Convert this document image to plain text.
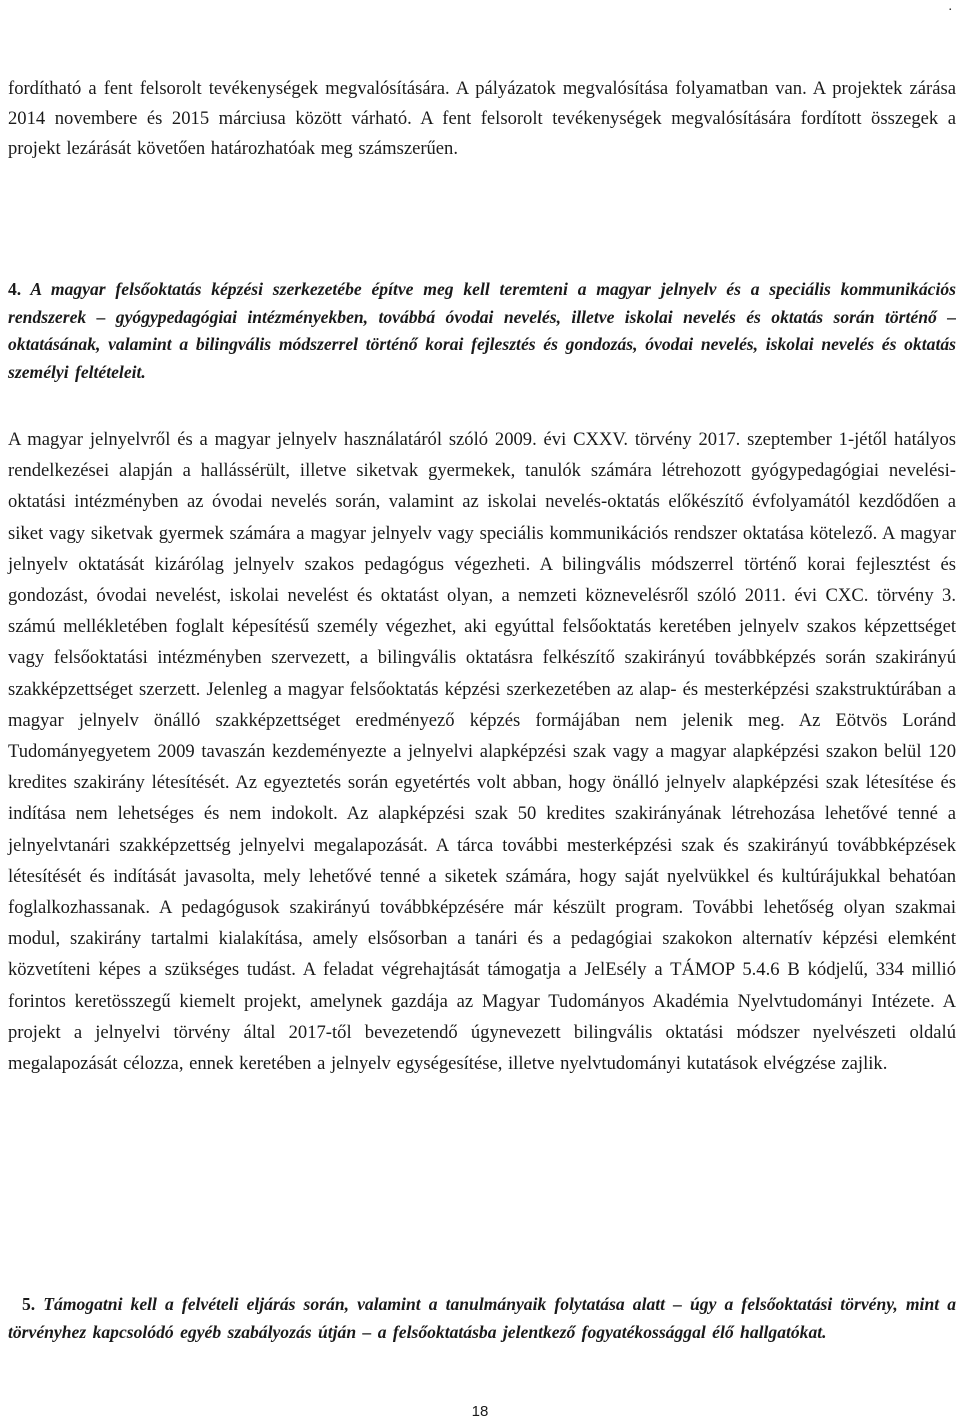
.

fordítható a fent felsorolt tevékenységek megvalósítására. A pályázatok megvalósítása folyamatban van. A projektek zárása 2014 novembere és 2015 márciusa között várható. A fent felsorolt tevékenységek megvalósítására fordított összegek a projekt lezárását követően határozhatóak meg számszerűen.

4. A magyar felsőoktatás képzési szerkezetébe építve meg kell teremteni a magyar jelnyelv és a speciális kommunikációs rendszerek – gyógypedagógiai intézményekben, továbbá óvodai nevelés, illetve iskolai nevelés és oktatás során történő – oktatásának, valamint a bilingvális módszerrel történő korai fejlesztés és gondozás, óvodai nevelés, iskolai nevelés és oktatás személyi feltételeit.

A magyar jelnyelvről és a magyar jelnyelv használatáról szóló 2009. évi CXXV. törvény 2017. szeptember 1-jétől hatályos rendelkezései alapján a hallássérült, illetve siketvak gyermekek, tanulók számára létrehozott gyógypedagógiai nevelési-oktatási intézményben az óvodai nevelés során, valamint az iskolai nevelés-oktatás előkészítő évfolyamától kezdődően a siket vagy siketvak gyermek számára a magyar jelnyelv vagy speciális kommunikációs rendszer oktatása kötelező. A magyar jelnyelv oktatását kizárólag jelnyelv szakos pedagógus végezheti. A bilingvális módszerrel történő korai fejlesztést és gondozást, óvodai nevelést, iskolai nevelést és oktatást olyan, a nemzeti köznevelésről szóló 2011. évi CXC. törvény 3. számú mellékletében foglalt képesítésű személy végezhet, aki egyúttal felsőoktatás keretében jelnyelv szakos képzettséget vagy felsőoktatási intézményben szervezett, a bilingvális oktatásra felkészítő szakirányú továbbképzés során szakirányú szakképzettséget szerzett. Jelenleg a magyar felsőoktatás képzési szerkezetében az alap- és mesterképzési szakstruktúrában a magyar jelnyelv önálló szakképzettséget eredményező képzés formájában nem jelenik meg. Az Eötvös Loránd Tudományegyetem 2009 tavaszán kezdeményezte a jelnyelvi alapképzési szak vagy a magyar alapképzési szakon belül 120 kredites szakirány létesítését. Az egyeztetés során egyetértés volt abban, hogy önálló jelnyelv alapképzési szak létesítése és indítása nem lehetséges és nem indokolt. Az alapképzési szak 50 kredites szakirányának létrehozása lehetővé tenné a jelnyelvtanári szakképzettség jelnyelvi megalapozását. A tárca további mesterképzési szak és szakirányú továbbképzések létesítését és indítását javasolta, mely lehetővé tenné a siketek számára, hogy saját nyelvükkel és kultúrájukkal behatóan foglalkozhassanak. A pedagógusok szakirányú továbbképzésére már készült program. További lehetőség olyan szakmai modul, szakirány tartalmi kialakítása, amely elsősorban a tanári és a pedagógiai szakokon alternatív képzési elemként közvetíteni képes a szükséges tudást. A feladat végrehajtását támogatja a JelEsély a TÁMOP 5.4.6 B kódjelű, 334 millió forintos keretösszegű kiemelt projekt, amelynek gazdája az Magyar Tudományos Akadémia Nyelvtudományi Intézete. A projekt a jelnyelvi törvény által 2017-től bevezetendő úgynevezett bilingvális oktatási módszer nyelvészeti oldalú megalapozását célozza, ennek keretében a jelnyelv egységesítése, illetve nyelvtudományi kutatások elvégzése zajlik.

5. Támogatni kell a felvételi eljárás során, valamint a tanulmányaik folytatása alatt – úgy a felsőoktatási törvény, mint a törvényhez kapcsolódó egyéb szabályozás útján – a felsőoktatásba jelentkező fogyatékossággal élő hallgatókat.

18
